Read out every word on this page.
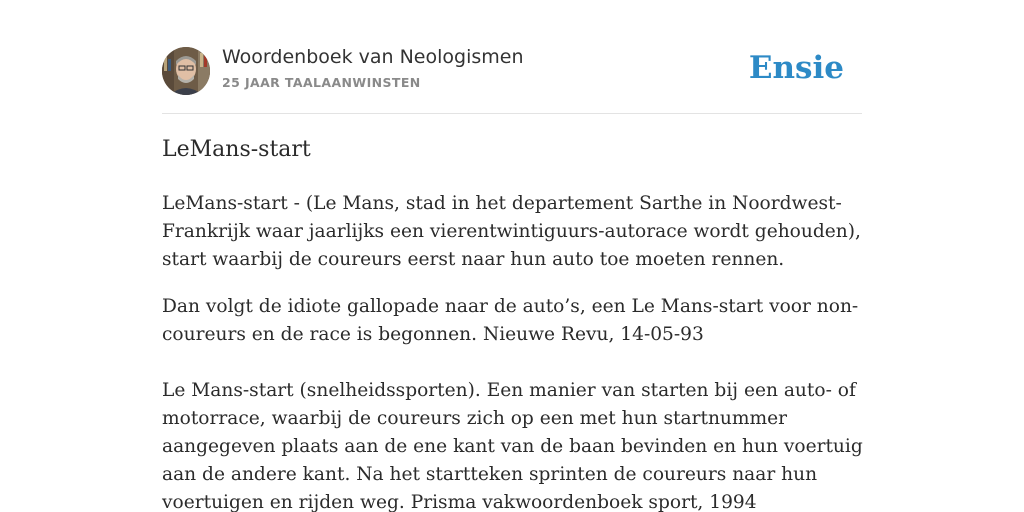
Woordenboek van Neologismen
25 JAAR TAALAANWINSTEN	Ensie
LeMans-start

LeMans-start - (Le Mans, stad in het departement Sarthe in Noordwest-Frankrijk waar jaarlijks een vierentwintiguurs-autorace wordt gehouden), start waarbij de coureurs eerst naar hun auto toe moeten rennen.

Dan volgt de idiote gallopade naar de auto’s, een Le Mans-start voor non-coureurs en de race is begonnen. Nieuwe Revu, 14-05-93

Le Mans-start (snelheidssporten). Een manier van starten bij een auto- of motorrace, waarbij de coureurs zich op een met hun startnummer aangegeven plaats aan de ene kant van de baan bevinden en hun voertuig aan de andere kant. Na het startteken sprinten de coureurs naar hun voertuigen en rijden weg. Prisma vakwoordenboek sport, 1994
